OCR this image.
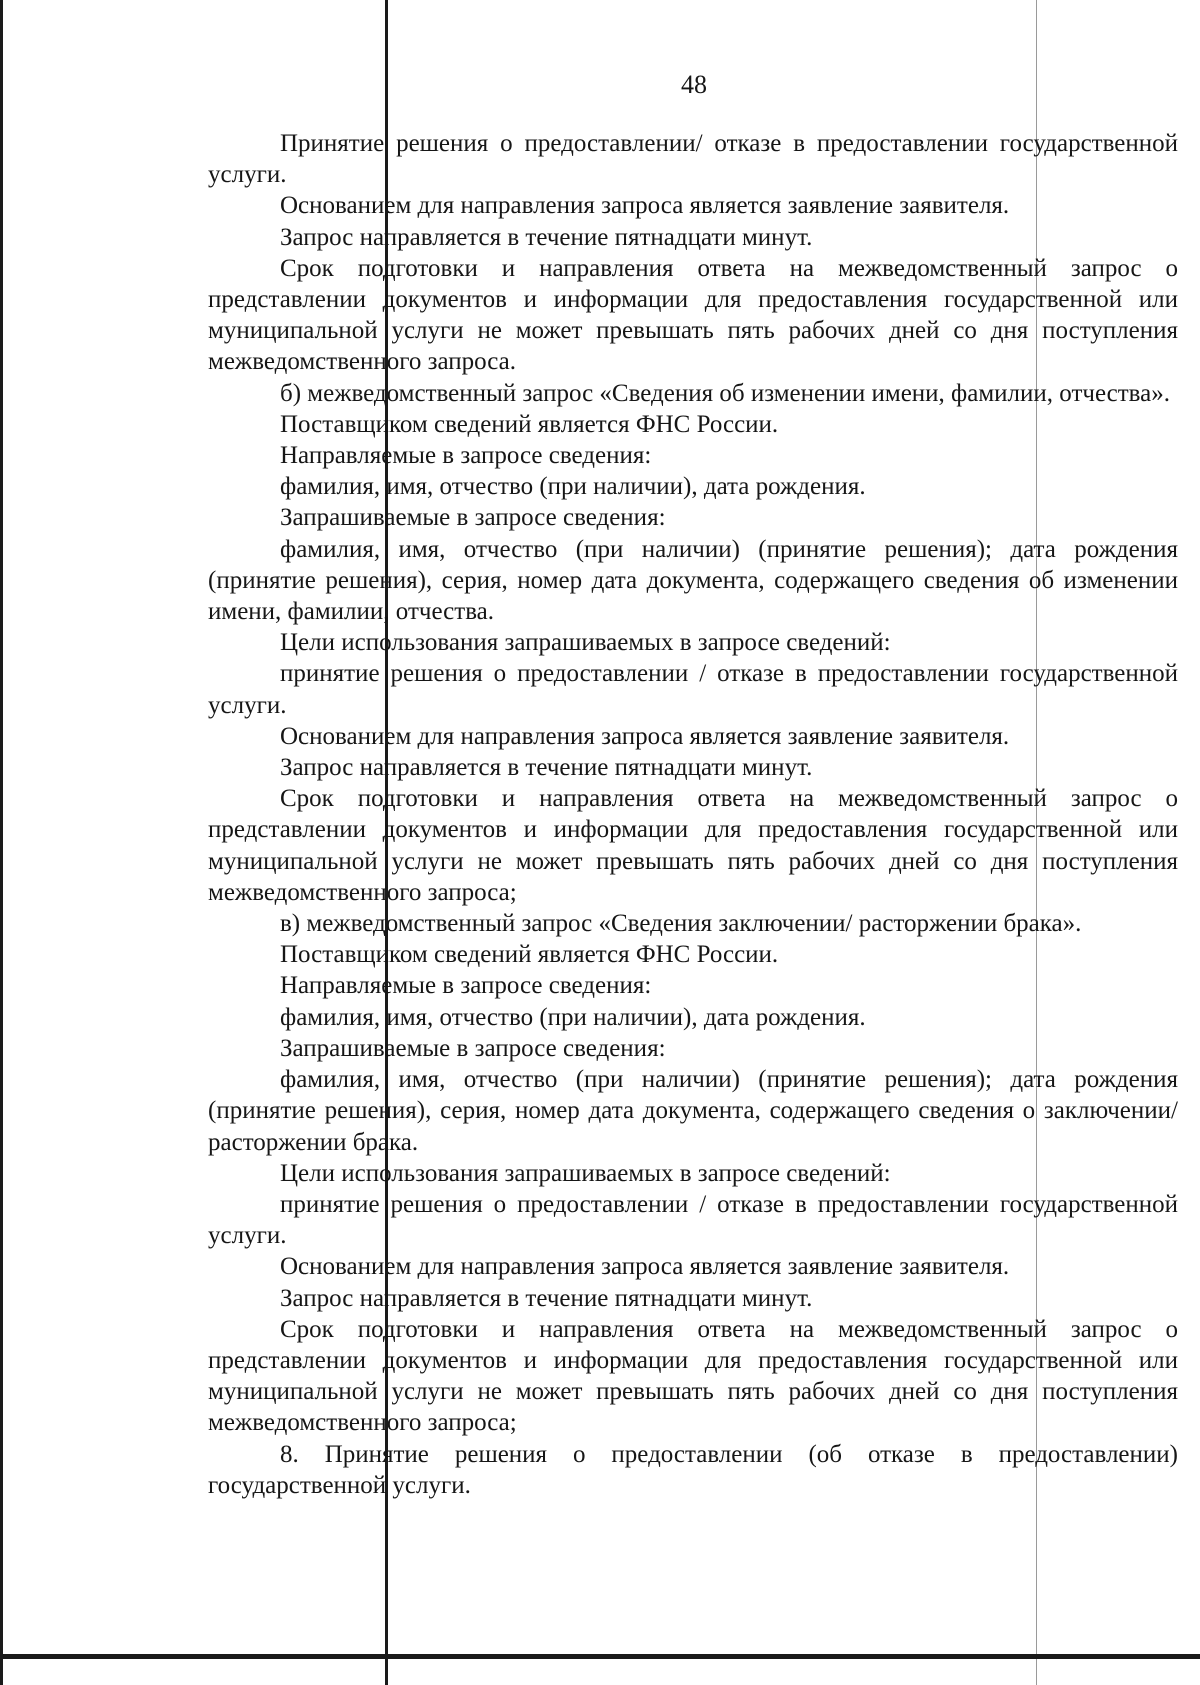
48

Принятие решения о предоставлении/ отказе в предоставлении государственной услуги.

Основанием для направления запроса является заявление заявителя.

Запрос направляется в течение пятнадцати минут.

Срок подготовки и направления ответа на межведомственный запрос о представлении документов и информации для предоставления государственной или муниципальной услуги не может превышать пять рабочих дней со дня поступления межведомственного запроса.

б) межведомственный запрос «Сведения об изменении имени, фамилии, отчества».

Поставщиком сведений является ФНС России.

Направляемые в запросе сведения:

фамилия, имя, отчество (при наличии), дата рождения.

Запрашиваемые в запросе сведения:

фамилия, имя, отчество (при наличии) (принятие решения); дата рождения (принятие решения), серия, номер дата документа, содержащего сведения об изменении имени, фамилии, отчества.

Цели использования запрашиваемых в запросе сведений:

принятие решения о предоставлении / отказе в предоставлении государственной услуги.

Основанием для направления запроса является заявление заявителя.

Запрос направляется в течение пятнадцати минут.

Срок подготовки и направления ответа на межведомственный запрос о представлении документов и информации для предоставления государственной или муниципальной услуги не может превышать пять рабочих дней со дня поступления межведомственного запроса;

в) межведомственный запрос «Сведения заключении/ расторжении брака».

Поставщиком сведений является ФНС России.

Направляемые в запросе сведения:

фамилия, имя, отчество (при наличии), дата рождения.

Запрашиваемые в запросе сведения:

фамилия, имя, отчество (при наличии) (принятие решения); дата рождения (принятие решения), серия, номер дата документа, содержащего сведения о заключении/ расторжении брака.

Цели использования запрашиваемых в запросе сведений:

принятие решения о предоставлении / отказе в предоставлении государственной услуги.

Основанием для направления запроса является заявление заявителя.

Запрос направляется в течение пятнадцати минут.

Срок подготовки и направления ответа на межведомственный запрос о представлении документов и информации для предоставления государственной или муниципальной услуги не может превышать пять рабочих дней со дня поступления межведомственного запроса;

8. Принятие решения о предоставлении (об отказе в предоставлении) государственной услуги.
